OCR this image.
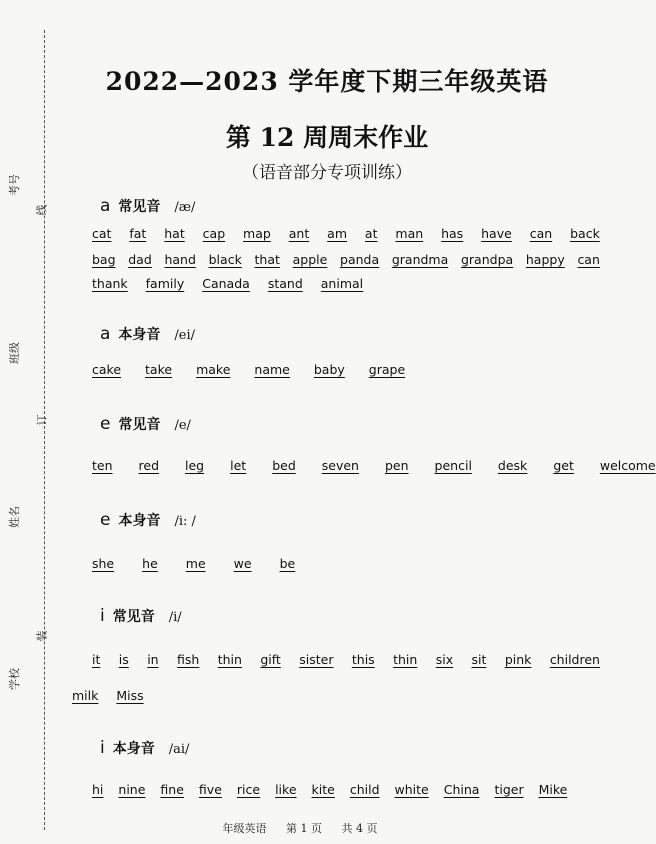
考号
班级
姓名
学校
线
订
装
2022—2023 学年度下期三年级英语
第 12 周周末作业
（语音部分专项训练）
a 常见音 /æ/
cat fat hat cap map ant am at man has have can back
bag dad hand black that apple panda grandma grandpa happy can
thank family Canada stand animal
a 本身音 /ei/
cake take make name baby grape
e 常见音 /e/
ten red leg let bed seven pen pencil desk get welcome
e 本身音 /i: /
she he me we be
i 常见音 /i/
it is in fish thin gift sister this thin six sit pink children
milk Miss
i 本身音 /ai/
hi nine fine five rice like kite child white China tiger Mike
年级英语 第 1 页 共 4 页
